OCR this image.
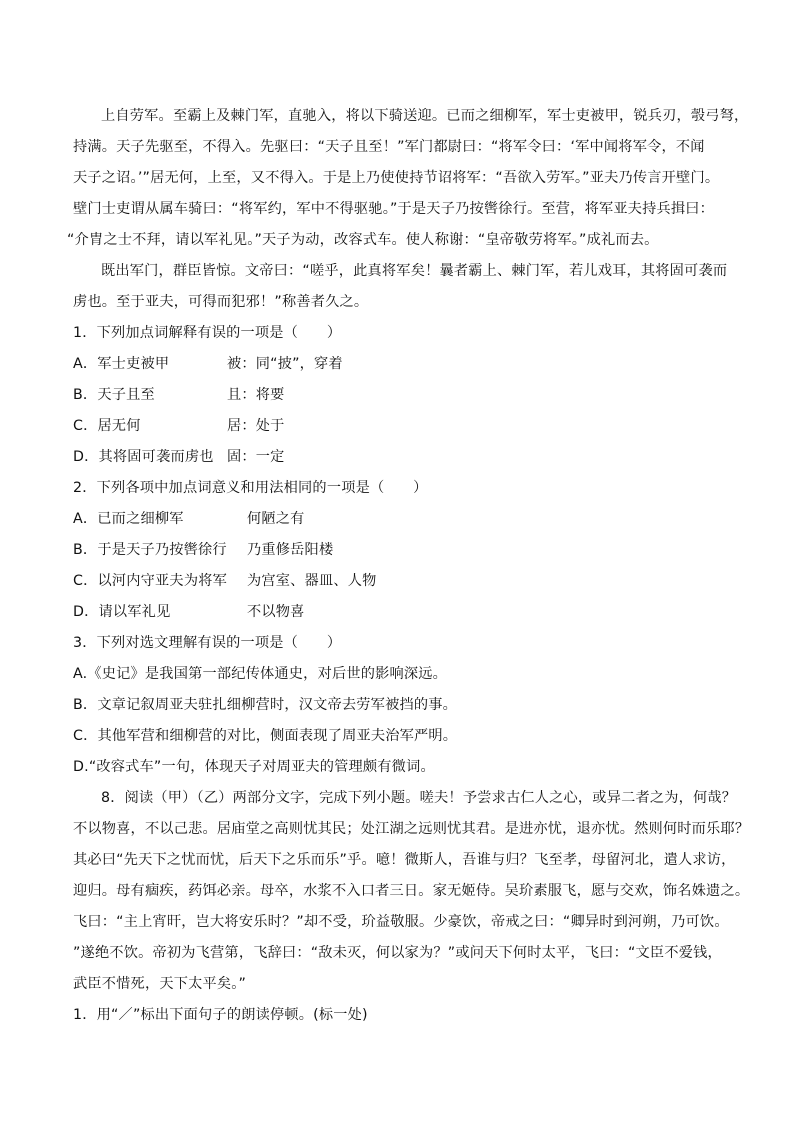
上自劳军。至霸上及棘门军，直驰入，将以下骑送迎。已而之细柳军，军士吏被甲，锐兵刃，彀弓弩，
持满。天子先驱至，不得入。先驱曰：“天子且至！”军门都尉曰：“将军令曰：‘军中闻将军令，不闻
天子之诏。’”居无何，上至，又不得入。于是上乃使使持节诏将军：“吾欲入劳军。”亚夫乃传言开壁门。
壁门士吏谓从属车骑曰：“将军约，军中不得驱驰。”于是天子乃按辔徐行。至营，将军亚夫持兵揖曰：
“介胄之士不拜，请以军礼见。”天子为动，改容式车。使人称谢：“皇帝敬劳将军。”成礼而去。
既出军门，群臣皆惊。文帝曰：“嗟乎，此真将军矣！曩者霸上、棘门军，若儿戏耳，其将固可袭而
虏也。至于亚夫，可得而犯邪！”称善者久之。
1．下列加点词解释有误的一项是（　　）
A．军士吏被甲	被：同“披”，穿着
B．天子且至	且：将要
C．居无何	居：处于
D．其将固可袭而虏也 固：一定
2．下列各项中加点词意义和用法相同的一项是（　　）
A．已而之细柳军	何陋之有
B．于是天子乃按辔徐行	乃重修岳阳楼
C．以河内守亚夫为将军	为宫室、器皿、人物
D．请以军礼见	不以物喜
3．下列对选文理解有误的一项是（　　）
A.《史记》是我国第一部纪传体通史，对后世的影响深远。
B．文章记叙周亚夫驻扎细柳营时，汉文帝去劳军被挡的事。
C．其他军营和细柳营的对比，侧面表现了周亚夫治军严明。
D.“改容式车”一句，体现天子对周亚夫的管理颇有微词。
8．阅读（甲）（乙）两部分文字，完成下列小题。嗟夫！予尝求古仁人之心，或异二者之为，何哉？
不以物喜，不以己悲。居庙堂之高则忧其民；处江湖之远则忧其君。是进亦忧，退亦忧。然则何时而乐耶？
其必曰“先天下之忧而忧，后天下之乐而乐”乎。噫！微斯人，吾谁与归？飞至孝，母留河北，遣人求访，
迎归。母有痼疾，药饵必亲。母卒，水浆不入口者三日。家无姬侍。吴玠素服飞，愿与交欢，饰名姝遗之。
飞曰：“主上宵旰，岂大将安乐时？”却不受，玠益敬服。少豪饮，帝戒之曰：“卿异时到河朔，乃可饮。
”遂绝不饮。帝初为飞营第，飞辞曰：“敌未灭，何以家为？”或问天下何时太平，飞曰：“文臣不爱钱，
武臣不惜死，天下太平矣。”
1．用“／”标出下面句子的朗读停顿。(标一处)
